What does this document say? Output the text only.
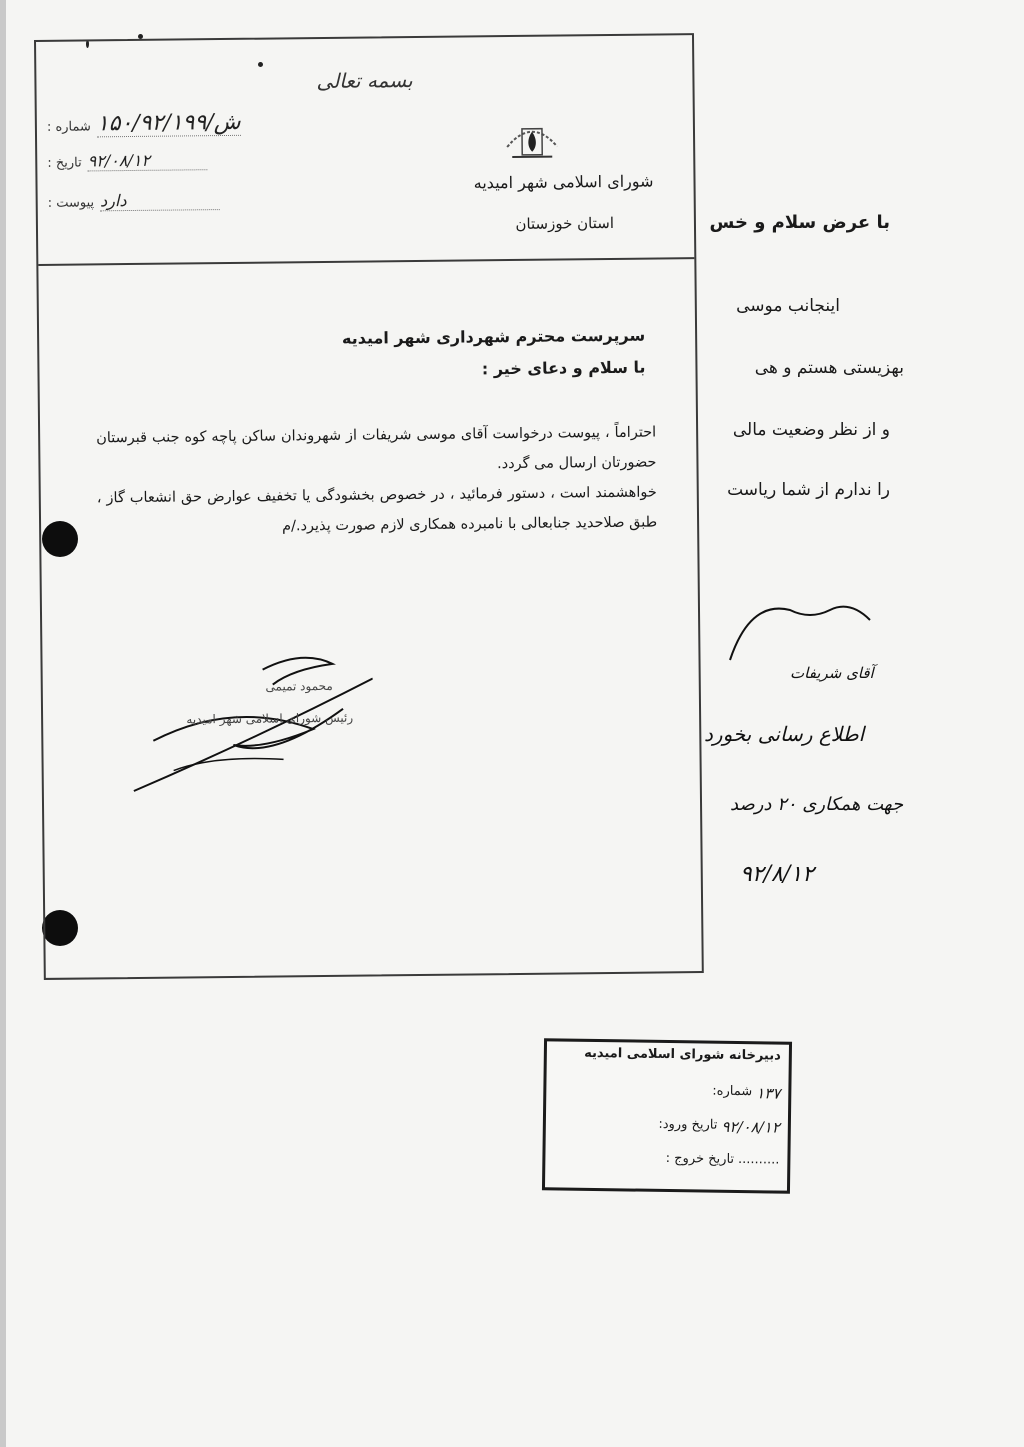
بسمه تعالی
شورای اسلامی شهر امیدیه
استان خوزستان
شماره : ۱۵۰/ش/۹۲/۱۹۹
تاریخ : ۹۲/۰۸/۱۲
پیوست : دارد
سرپرست محترم شهرداری شهر امیدیه
با سلام و دعای خیر :

احتراماً ، پیوست درخواست آقای موسی شریفات از شهروندان ساکن پاچه کوه جنب قبرستان حضورتان ارسال می گردد.

خواهشمند است ، دستور فرمائید ، در خصوص بخشودگی یا تخفیف عوارض حق انشعاب گاز ، طبق صلاحدید جنابعالی با نامبرده همکاری لازم صورت پذیرد./م

محمود تمیمی
رئیس شورای اسلامی شهر امیدیه
با عرض سلام و خس
اینجانب موسی
بهزیستی هستم و هی
و از نظر وضعیت مالی
را ندارم از شما ریاست
آقای شریفات
اطلاع رسانی بخورد
جهت همکاری ۲۰ درصد
۹۲/۸/۱۲
دبیرخانه شورای اسلامی امیدیه
شماره: ۱۳۷
تاریخ ورود: ۹۲/۰۸/۱۲
تاریخ خروج : ..........
